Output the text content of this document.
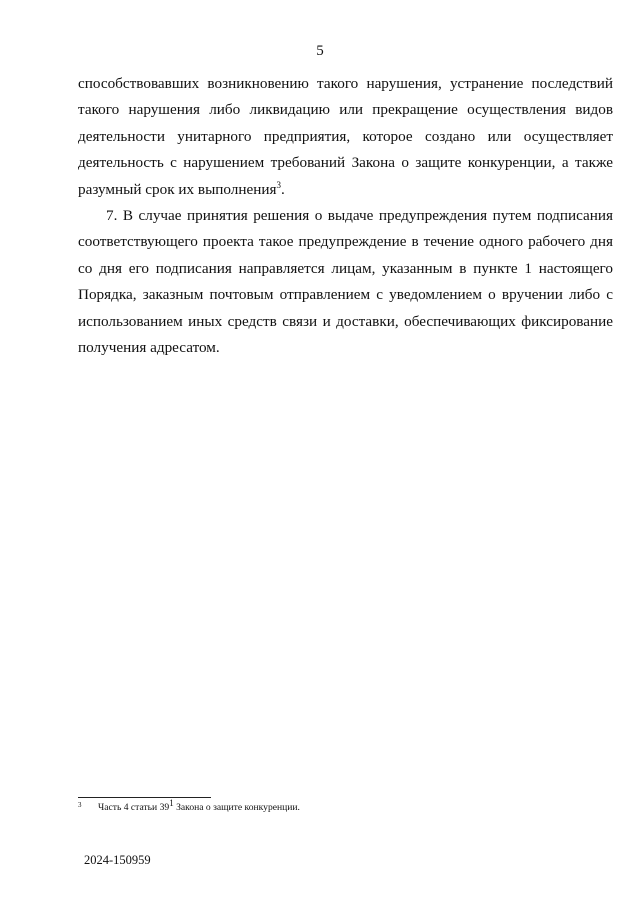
5
способствовавших возникновению такого нарушения, устранение последствий
такого нарушения либо ликвидацию или прекращение осуществления видов
деятельности унитарного предприятия, которое создано или осуществляет
деятельность с нарушением требований Закона о защите конкуренции, а также
разумный срок их выполнения$^3$.
7. В случае принятия решения о выдаче предупреждения путем подписания
соответствующего проекта такое предупреждение в течение одного рабочего дня
со дня его подписания направляется лицам, указанным в пункте 1 настоящего
Порядка, заказным почтовым отправлением с уведомлением о вручении либо с
использованием иных средств связи и доставки, обеспечивающих фиксирование
получения адресатом.
3 Часть 4 статьи $39^1$ Закона о защите конкуренции.
2024-150959
